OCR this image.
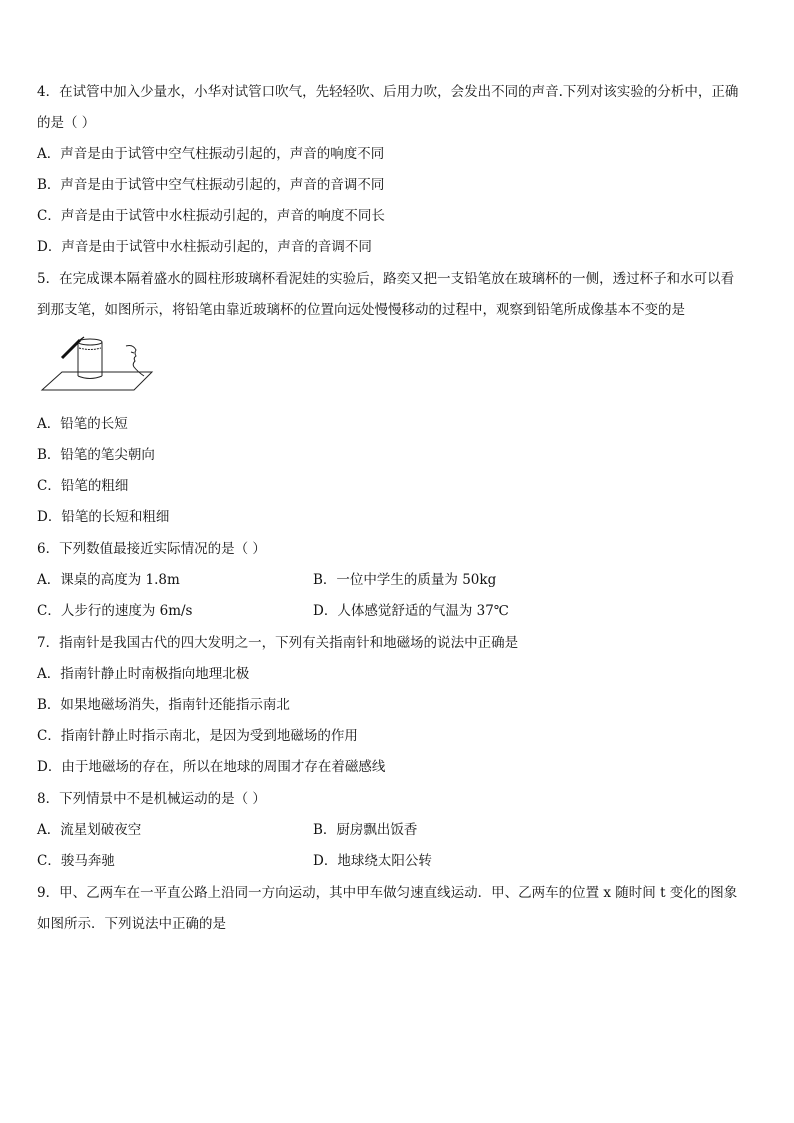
4．在试管中加入少量水，小华对试管口吹气，先轻轻吹、后用力吹，会发出不同的声音.下列对该实验的分析中，正确
的是（ ）
A．声音是由于试管中空气柱振动引起的，声音的响度不同
B．声音是由于试管中空气柱振动引起的，声音的音调不同
C．声音是由于试管中水柱振动引起的，声音的响度不同长
D．声音是由于试管中水柱振动引起的，声音的音调不同
5．在完成课本隔着盛水的圆柱形玻璃杯看泥娃的实验后，路奕又把一支铅笔放在玻璃杯的一侧，透过杯子和水可以看
到那支笔，如图所示，将铅笔由靠近玻璃杯的位置向远处慢慢移动的过程中，观察到铅笔所成像基本不变的是
A．铅笔的长短
B．铅笔的笔尖朝向
C．铅笔的粗细
D．铅笔的长短和粗细
6．下列数值最接近实际情况的是（ ）
A．课桌的高度为 1.8m	B．一位中学生的质量为 50kg
C．人步行的速度为 6m/s	D．人体感觉舒适的气温为 37℃
7．指南针是我国古代的四大发明之一，下列有关指南针和地磁场的说法中正确是
A．指南针静止时南极指向地理北极
B．如果地磁场消失，指南针还能指示南北
C．指南针静止时指示南北，是因为受到地磁场的作用
D．由于地磁场的存在，所以在地球的周围才存在着磁感线
8．下列情景中不是机械运动的是（ ）
A．流星划破夜空	B．厨房飘出饭香
C．骏马奔驰	D．地球绕太阳公转
9．甲、乙两车在一平直公路上沿同一方向运动，其中甲车做匀速直线运动．甲、乙两车的位置 x 随时间 t 变化的图象
如图所示．下列说法中正确的是
